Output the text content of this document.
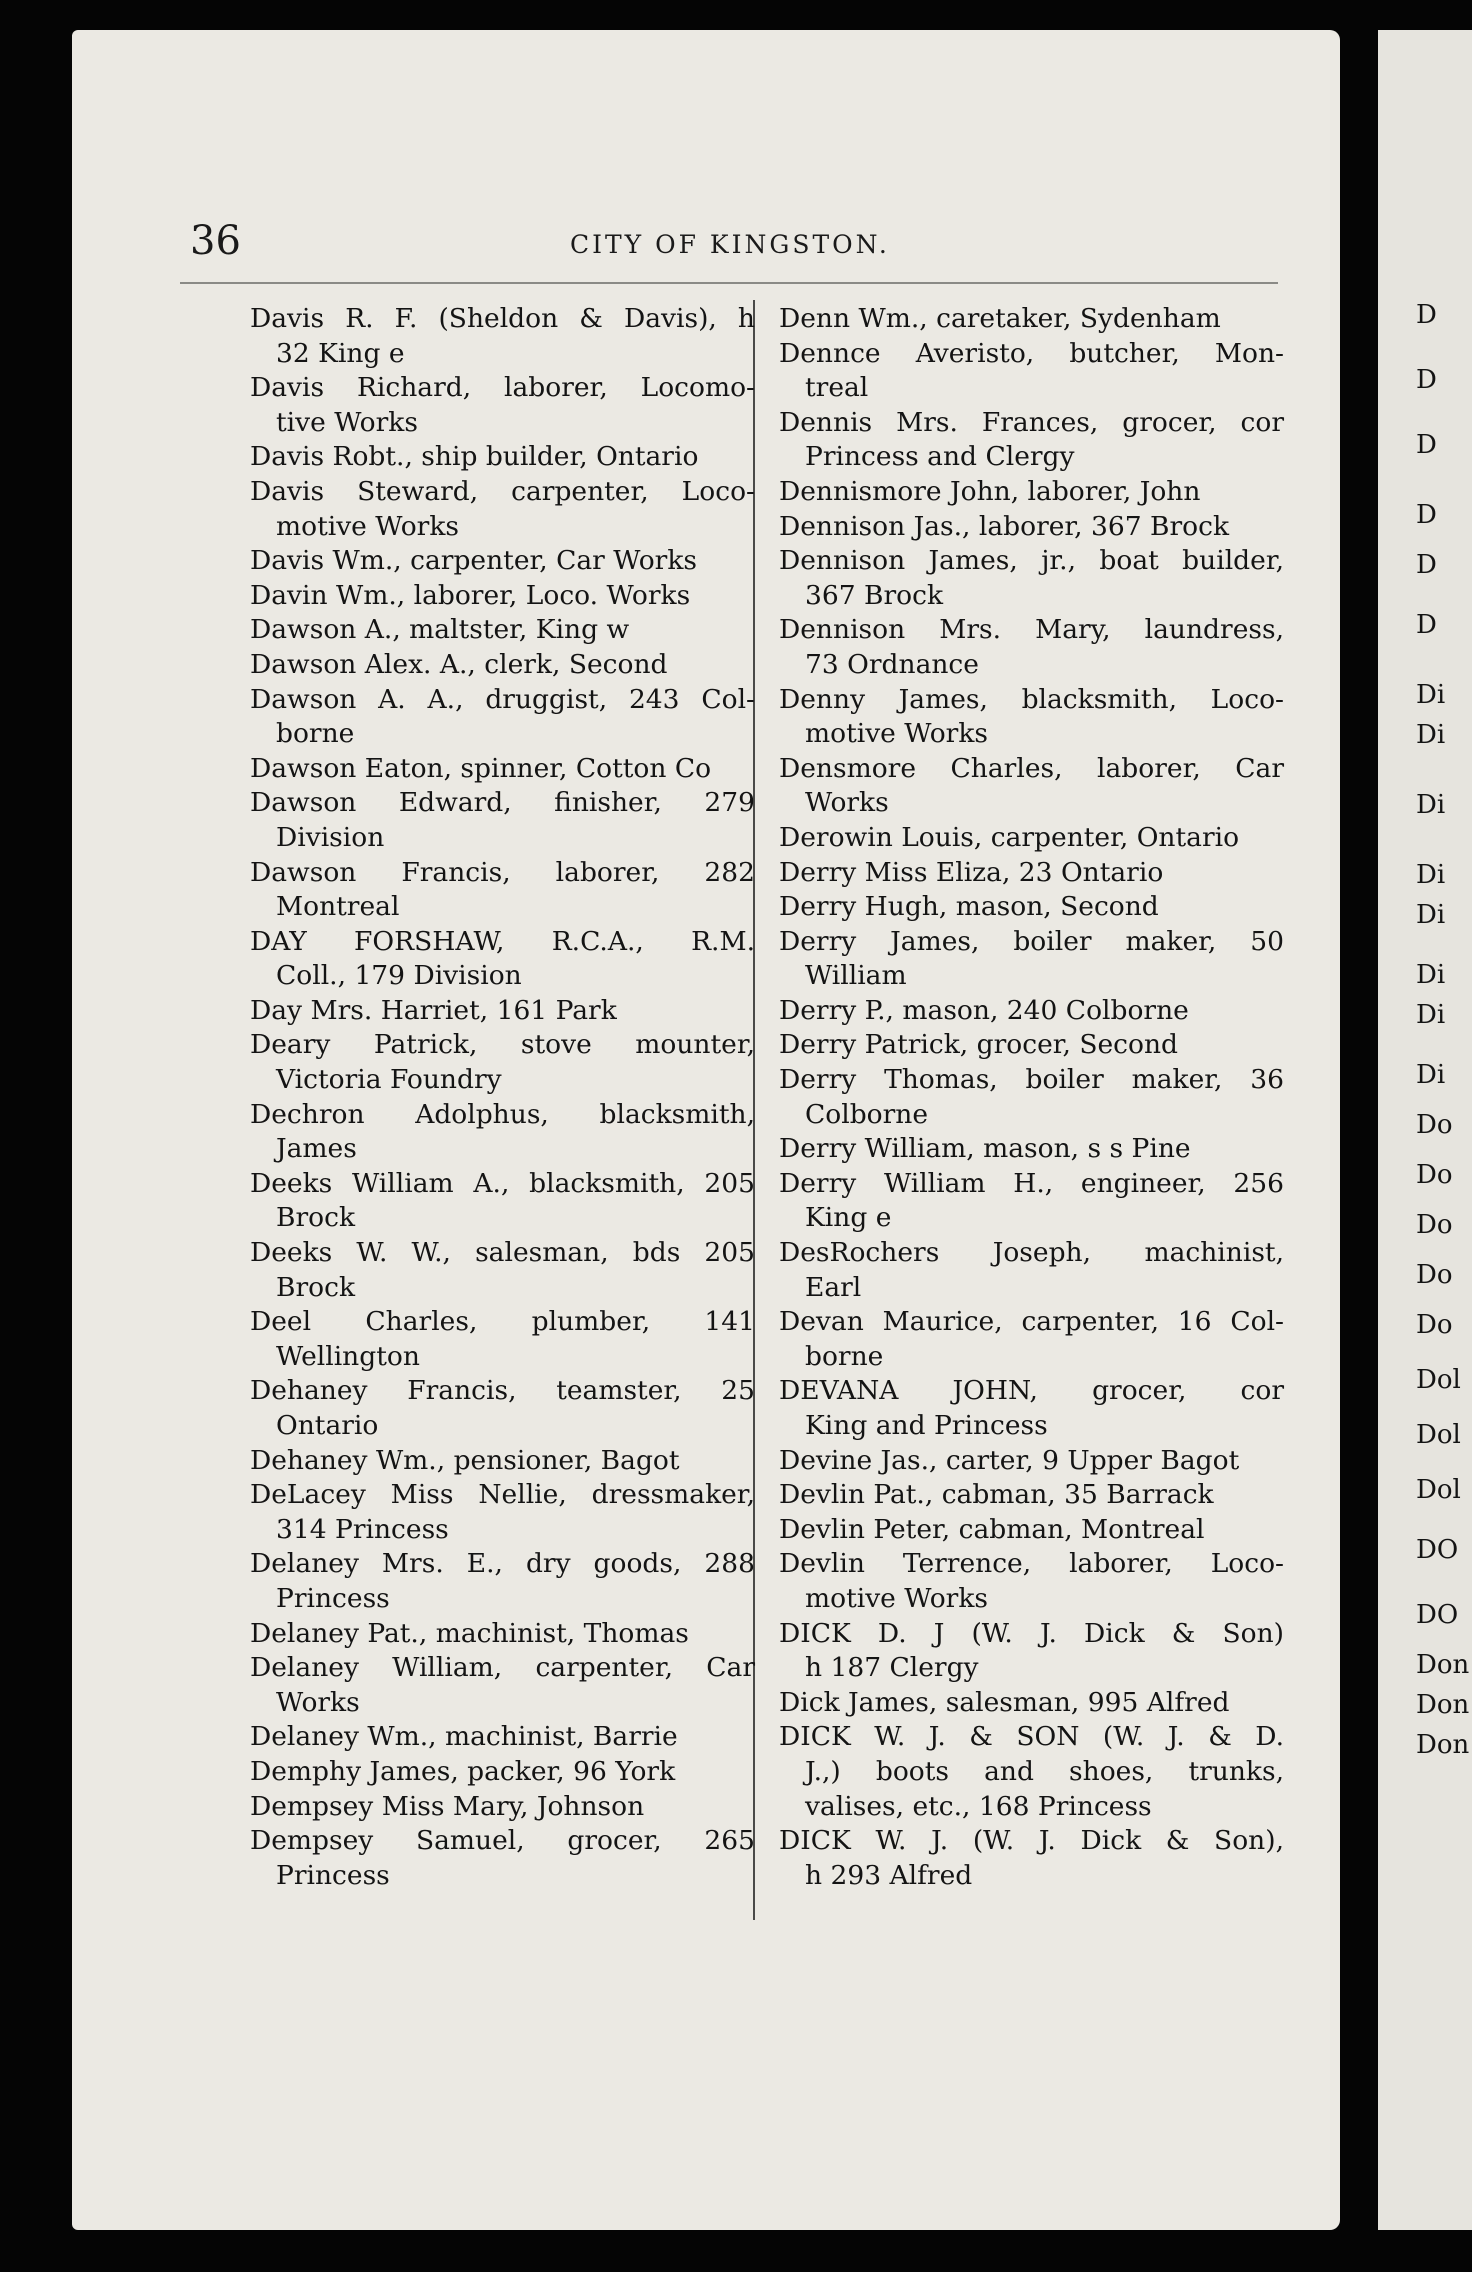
D
D
D
D
D
D
Di
Di
Di
Di
Di
Di
Di
Di
Do
Do
Do
Do
Do
Dol
Dol
Dol
DO
DO
Don
Don
Don
36	CITY OF KINGSTON.
Davis R. F. (Sheldon & Davis), h
32 King e
Davis Richard, laborer, Locomo-
tive Works
Davis Robt., ship builder, Ontario
Davis Steward, carpenter, Loco-
motive Works
Davis Wm., carpenter, Car Works
Davin Wm., laborer, Loco. Works
Dawson A., maltster, King w
Dawson Alex. A., clerk, Second
Dawson A. A., druggist, 243 Col-
borne
Dawson Eaton, spinner, Cotton Co
Dawson Edward, finisher, 279
Division
Dawson Francis, laborer, 282
Montreal
DAY FORSHAW, R.C.A., R.M.
Coll., 179 Division
Day Mrs. Harriet, 161 Park
Deary Patrick, stove mounter,
Victoria Foundry
Dechron Adolphus, blacksmith,
James
Deeks William A., blacksmith, 205
Brock
Deeks W. W., salesman, bds 205
Brock
Deel Charles, plumber, 141
Wellington
Dehaney Francis, teamster, 25
Ontario
Dehaney Wm., pensioner, Bagot
DeLacey Miss Nellie, dressmaker,
314 Princess
Delaney Mrs. E., dry goods, 288
Princess
Delaney Pat., machinist, Thomas
Delaney William, carpenter, Car
Works
Delaney Wm., machinist, Barrie
Demphy James, packer, 96 York
Dempsey Miss Mary, Johnson
Dempsey Samuel, grocer, 265
Princess
Denn Wm., caretaker, Sydenham
Dennce Averisto, butcher, Mon-
treal
Dennis Mrs. Frances, grocer, cor
Princess and Clergy
Dennismore John, laborer, John
Dennison Jas., laborer, 367 Brock
Dennison James, jr., boat builder,
367 Brock
Dennison Mrs. Mary, laundress,
73 Ordnance
Denny James, blacksmith, Loco-
motive Works
Densmore Charles, laborer, Car
Works
Derowin Louis, carpenter, Ontario
Derry Miss Eliza, 23 Ontario
Derry Hugh, mason, Second
Derry James, boiler maker, 50
William
Derry P., mason, 240 Colborne
Derry Patrick, grocer, Second
Derry Thomas, boiler maker, 36
Colborne
Derry William, mason, s s Pine
Derry William H., engineer, 256
King e
DesRochers Joseph, machinist,
Earl
Devan Maurice, carpenter, 16 Col-
borne
DEVANA JOHN, grocer, cor
King and Princess
Devine Jas., carter, 9 Upper Bagot
Devlin Pat., cabman, 35 Barrack
Devlin Peter, cabman, Montreal
Devlin Terrence, laborer, Loco-
motive Works
DICK D. J (W. J. Dick & Son)
h 187 Clergy
Dick James, salesman, 995 Alfred
DICK W. J. & SON (W. J. & D.
J.,) boots and shoes, trunks,
valises, etc., 168 Princess
DICK W. J. (W. J. Dick & Son),
h 293 Alfred
